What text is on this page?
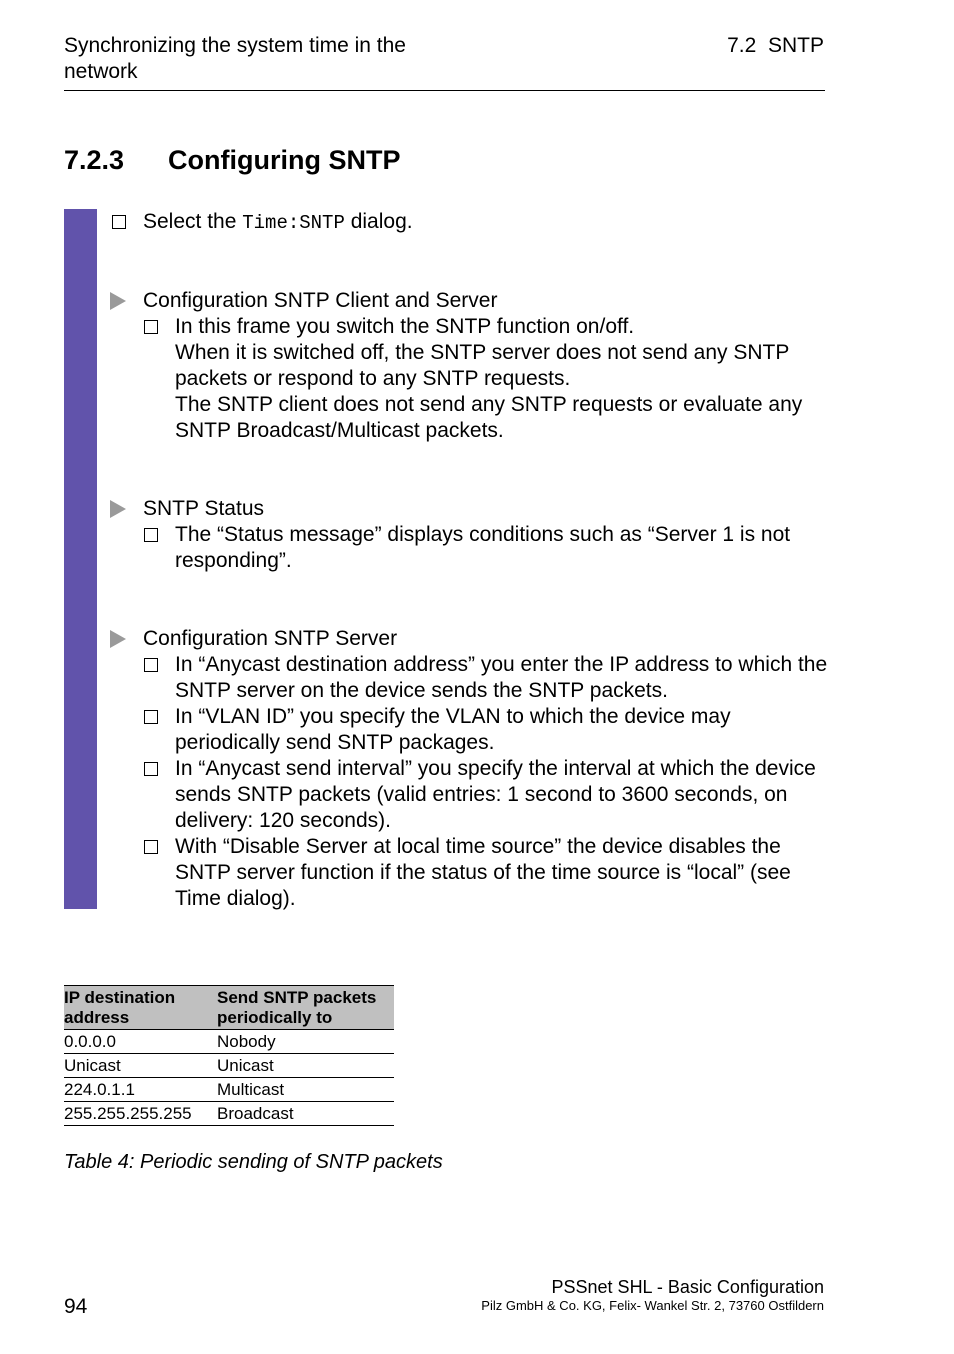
Synchronizing the system time in the network
7.2  SNTP
7.2.3 Configuring SNTP
Select the Time:SNTP dialog.
Configuration SNTP Client and Server
In this frame you switch the SNTP function on/off.
When it is switched off, the SNTP server does not send any SNTP packets or respond to any SNTP requests.
The SNTP client does not send any SNTP requests or evaluate any SNTP Broadcast/Multicast packets.
SNTP Status
The “Status message” displays conditions such as “Server 1 is not responding”.
Configuration SNTP Server
In “Anycast destination address” you enter the IP address to which the SNTP server on the device sends the SNTP packets.
In “VLAN ID” you specify the VLAN to which the device may periodically send SNTP packages.
In “Anycast send interval” you specify the interval at which the device sends SNTP packets (valid entries: 1 second to 3600 seconds, on delivery: 120 seconds).
With “Disable Server at local time source” the device disables the SNTP server function if the status of the time source is “local” (see Time dialog).
IP destination address	Send SNTP packets periodically to
0.0.0.0	Nobody
Unicast	Unicast
224.0.1.1	Multicast
255.255.255.255	Broadcast
Table 4: Periodic sending of SNTP packets
94
PSSnet SHL - Basic Configuration
Pilz GmbH & Co. KG, Felix- Wankel Str. 2, 73760 Ostfildern
